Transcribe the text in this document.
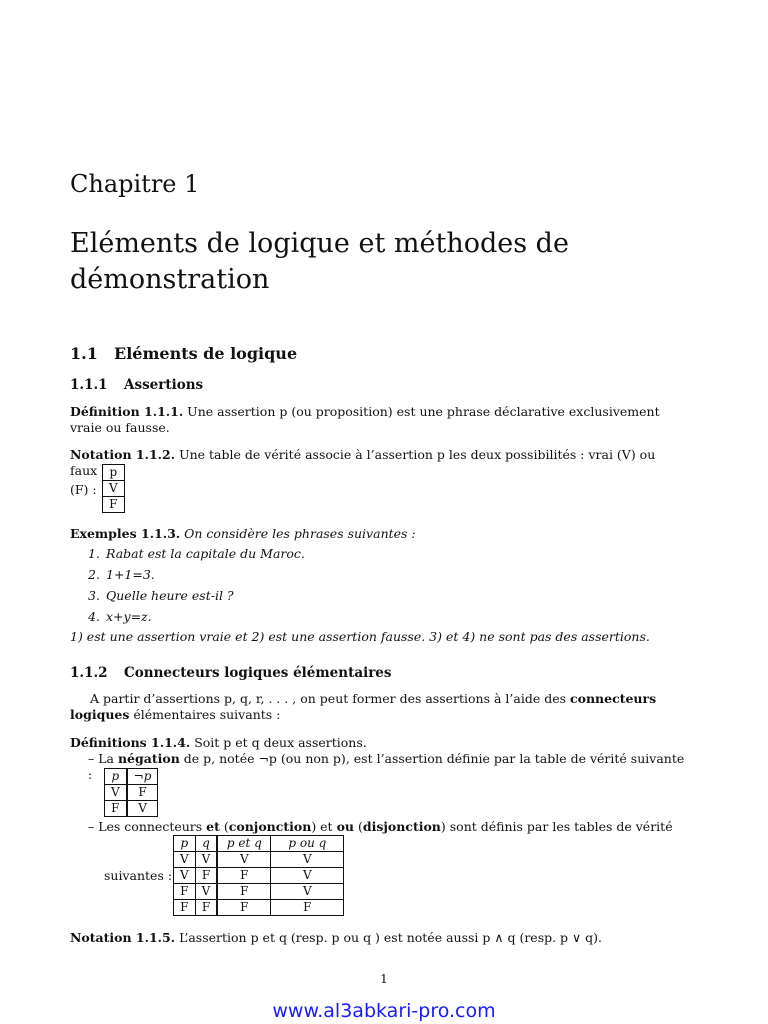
Chapitre 1
Eléments de logique et méthodes de
démonstration
1.1 Eléments de logique
1.1.1 Assertions
Définition 1.1.1. Une assertion p (ou proposition) est une phrase déclarative exclusivement vraie ou fausse.
Notation 1.1.2. Une table de vérité associe à l’assertion p les deux possibilités : vrai (V) ou faux
(F) :
p
V
F
Exemples 1.1.3. On considère les phrases suivantes :
1. Rabat est la capitale du Maroc.
2. 1+1=3.
3. Quelle heure est-il ?
4. x+y=z.
1) est une assertion vraie et 2) est une assertion fausse. 3) et 4) ne sont pas des assertions.
1.1.2 Connecteurs logiques élémentaires
A partir d’assertions p, q, r, . . . , on peut former des assertions à l’aide des connecteurs logiques élémentaires suivants :
Définitions 1.1.4. Soit p et q deux assertions.
– La négation de p, notée ¬p (ou non p), est l’assertion définie par la table de vérité suivante :	p	¬p
V	F
F	V
– Les connecteurs et (conjonction) et ou (disjonction) sont définis par les tables de vérité
suivantes :
p	q	p et q	p ou q
V	V	V	V
V	F	F	V
F	V	F	V
F	F	F	F
Notation 1.1.5. L’assertion p et q (resp. p ou q ) est notée aussi p ∧ q (resp. p ∨ q).
1
www.al3abkari-pro.com
